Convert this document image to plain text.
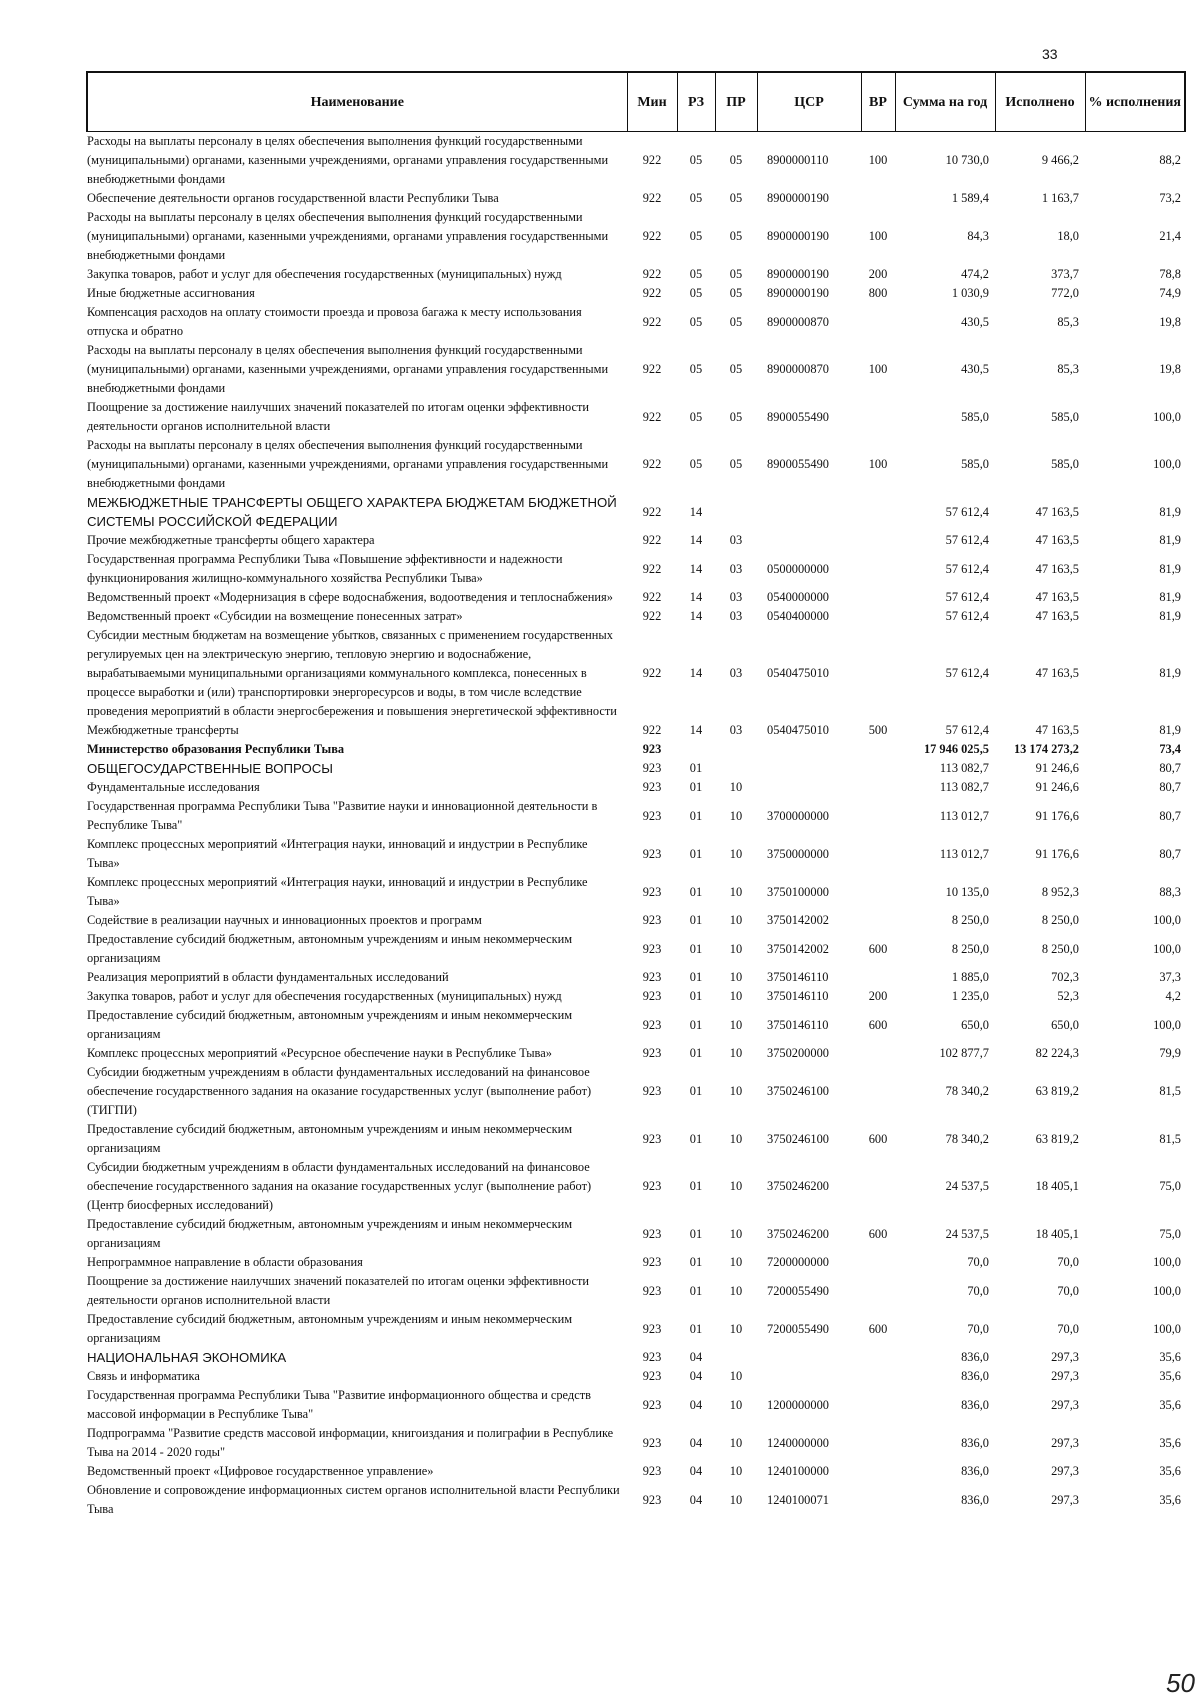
33
Наименование	Мин	РЗ	ПР	ЦСР	ВР	Сумма на год	Исполнено	% исполнения
Расходы на выплаты персоналу в целях обеспечения выполнения функций государственными (муниципальными) органами, казенными учреждениями, органами управления государственными внебюджетными фондами	922	05	05	8900000110	100	10 730,0	9 466,2	88,2
Обеспечение деятельности органов государственной власти Республики Тыва	922	05	05	8900000190		1 589,4	1 163,7	73,2
Расходы на выплаты персоналу в целях обеспечения выполнения функций государственными (муниципальными) органами, казенными учреждениями, органами управления государственными внебюджетными фондами	922	05	05	8900000190	100	84,3	18,0	21,4
Закупка товаров, работ и услуг для обеспечения государственных (муниципальных) нужд	922	05	05	8900000190	200	474,2	373,7	78,8
Иные бюджетные ассигнования	922	05	05	8900000190	800	1 030,9	772,0	74,9
Компенсация расходов на оплату стоимости проезда и провоза багажа к месту использования отпуска и обратно	922	05	05	8900000870		430,5	85,3	19,8
Расходы на выплаты персоналу в целях обеспечения выполнения функций государственными (муниципальными) органами, казенными учреждениями, органами управления государственными внебюджетными фондами	922	05	05	8900000870	100	430,5	85,3	19,8
Поощрение за достижение наилучших значений показателей по итогам оценки эффективности деятельности органов исполнительной власти	922	05	05	8900055490		585,0	585,0	100,0
Расходы на выплаты персоналу в целях обеспечения выполнения функций государственными (муниципальными) органами, казенными учреждениями, органами управления государственными внебюджетными фондами	922	05	05	8900055490	100	585,0	585,0	100,0
МЕЖБЮДЖЕТНЫЕ ТРАНСФЕРТЫ ОБЩЕГО ХАРАКТЕРА БЮДЖЕТАМ БЮДЖЕТНОЙ СИСТЕМЫ РОССИЙСКОЙ ФЕДЕРАЦИИ	922	14				57 612,4	47 163,5	81,9
Прочие межбюджетные трансферты общего характера	922	14	03			57 612,4	47 163,5	81,9
Государственная программа Республики Тыва «Повышение эффективности и надежности функционирования жилищно-коммунального хозяйства Республики Тыва»	922	14	03	0500000000		57 612,4	47 163,5	81,9
Ведомственный проект «Модернизация в сфере водоснабжения, водоотведения и теплоснабжения»	922	14	03	0540000000		57 612,4	47 163,5	81,9
Ведомственный проект «Субсидии на возмещение понесенных затрат»	922	14	03	0540400000		57 612,4	47 163,5	81,9
Субсидии местным бюджетам на возмещение убытков, связанных с применением государственных регулируемых цен на электрическую энергию, тепловую энергию и водоснабжение, вырабатываемыми муниципальными организациями коммунального комплекса, понесенных в процессе выработки и (или) транспортировки энергоресурсов и воды, в том числе вследствие проведения мероприятий в области энергосбережения и повышения энергетической эффективности	922	14	03	0540475010		57 612,4	47 163,5	81,9
Межбюджетные трансферты	922	14	03	0540475010	500	57 612,4	47 163,5	81,9
Министерство образования Республики Тыва	923					17 946 025,5	13 174 273,2	73,4
ОБЩЕГОСУДАРСТВЕННЫЕ ВОПРОСЫ	923	01				113 082,7	91 246,6	80,7
Фундаментальные исследования	923	01	10			113 082,7	91 246,6	80,7
Государственная программа Республики Тыва "Развитие науки и инновационной деятельности в Республике Тыва"	923	01	10	3700000000		113 012,7	91 176,6	80,7
Комплекс процессных мероприятий «Интеграция науки, инноваций и индустрии в Республике Тыва»	923	01	10	3750000000		113 012,7	91 176,6	80,7
Комплекс процессных мероприятий «Интеграция науки, инноваций и индустрии в Республике Тыва»	923	01	10	3750100000		10 135,0	8 952,3	88,3
Содействие в реализации научных и инновационных проектов и программ	923	01	10	3750142002		8 250,0	8 250,0	100,0
Предоставление субсидий бюджетным, автономным учреждениям и иным некоммерческим организациям	923	01	10	3750142002	600	8 250,0	8 250,0	100,0
Реализация мероприятий в области фундаментальных исследований	923	01	10	3750146110		1 885,0	702,3	37,3
Закупка товаров, работ и услуг для обеспечения государственных (муниципальных) нужд	923	01	10	3750146110	200	1 235,0	52,3	4,2
Предоставление субсидий бюджетным, автономным учреждениям и иным некоммерческим организациям	923	01	10	3750146110	600	650,0	650,0	100,0
Комплекс процессных мероприятий «Ресурсное обеспечение науки в Республике Тыва»	923	01	10	3750200000		102 877,7	82 224,3	79,9
Субсидии бюджетным учреждениям в области фундаментальных исследований на финансовое обеспечение государственного задания на оказание государственных услуг (выполнение работ) (ТИГПИ)	923	01	10	3750246100		78 340,2	63 819,2	81,5
Предоставление субсидий бюджетным, автономным учреждениям и иным некоммерческим организациям	923	01	10	3750246100	600	78 340,2	63 819,2	81,5
Субсидии бюджетным учреждениям в области фундаментальных исследований на финансовое обеспечение государственного задания на оказание государственных услуг (выполнение работ) (Центр биосферных исследований)	923	01	10	3750246200		24 537,5	18 405,1	75,0
Предоставление субсидий бюджетным, автономным учреждениям и иным некоммерческим организациям	923	01	10	3750246200	600	24 537,5	18 405,1	75,0
Непрограммное направление в области образования	923	01	10	7200000000		70,0	70,0	100,0
Поощрение за достижение наилучших значений показателей по итогам оценки эффективности деятельности органов исполнительной власти	923	01	10	7200055490		70,0	70,0	100,0
Предоставление субсидий бюджетным, автономным учреждениям и иным некоммерческим организациям	923	01	10	7200055490	600	70,0	70,0	100,0
НАЦИОНАЛЬНАЯ ЭКОНОМИКА	923	04				836,0	297,3	35,6
Связь и информатика	923	04	10			836,0	297,3	35,6
Государственная программа Республики Тыва "Развитие информационного общества и средств массовой информации в Республике Тыва"	923	04	10	1200000000		836,0	297,3	35,6
Подпрограмма "Развитие средств массовой информации, книгоиздания и полиграфии в Республике Тыва на 2014 - 2020 годы"	923	04	10	1240000000		836,0	297,3	35,6
Ведомственный проект «Цифровое государственное управление»	923	04	10	1240100000		836,0	297,3	35,6
Обновление и сопровождение информационных систем органов исполнительной власти Республики Тыва	923	04	10	1240100071		836,0	297,3	35,6
50
